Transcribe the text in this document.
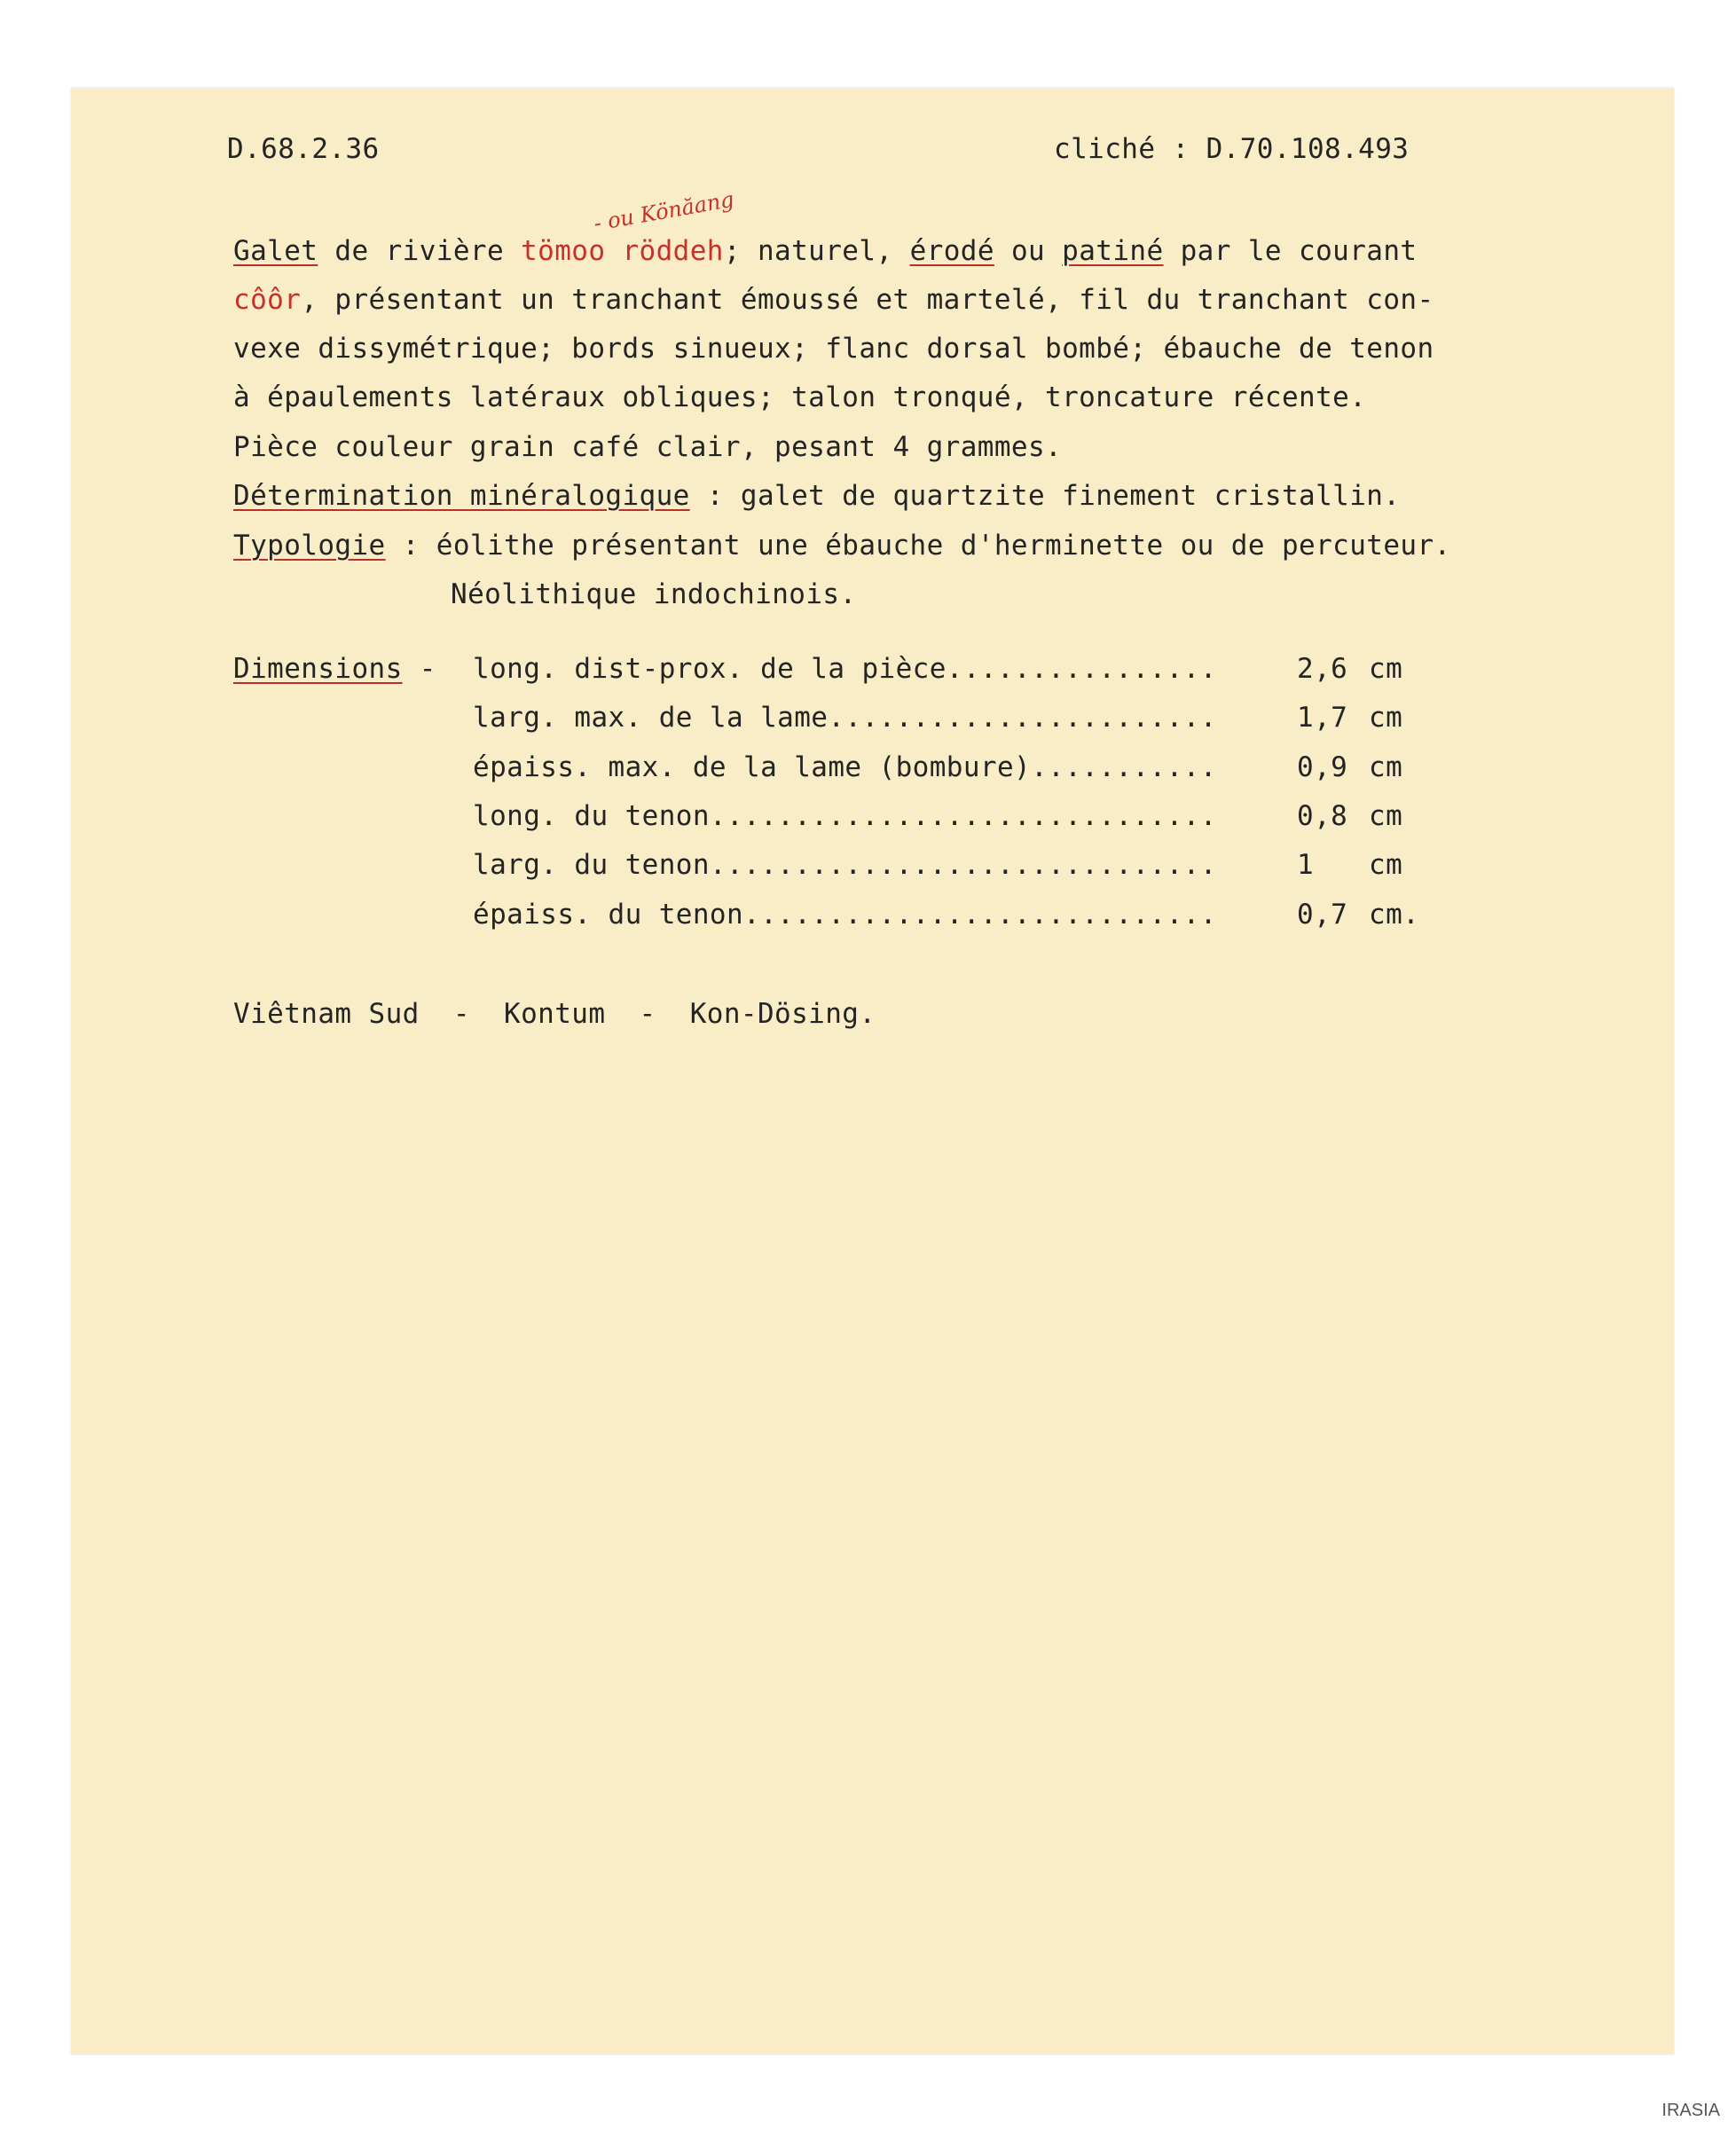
D.68.2.36	cliché : D.70.108.493
- ou Könăang
Galet de rivière tömoo röddeh; naturel, érodé ou patiné par le courant
côôr, présentant un tranchant émoussé et martelé, fil du tranchant con-
vexe dissymétrique; bords sinueux; flanc dorsal bombé; ébauche de tenon
à épaulements latéraux obliques; talon tronqué, troncature récente.
Pièce couleur grain café clair, pesant 4 grammes.
Détermination minéralogique : galet de quartzite finement cristallin.
Typologie : éolithe présentant une ébauche d'herminette ou de percuteur.
Néolithique indochinois.
Dimensions - long. dist-prox. de la pièce................	2,6 cm
larg. max. de la lame.......................	1,7 cm
épaiss. max. de la lame (bombure)...........	0,9 cm
long. du tenon..............................	0,8 cm
larg. du tenon..............................	1 cm
épaiss. du tenon............................	0,7 cm.
Viêtnam Sud  -  Kontum  -  Kon-Dösing.
IRASIA
